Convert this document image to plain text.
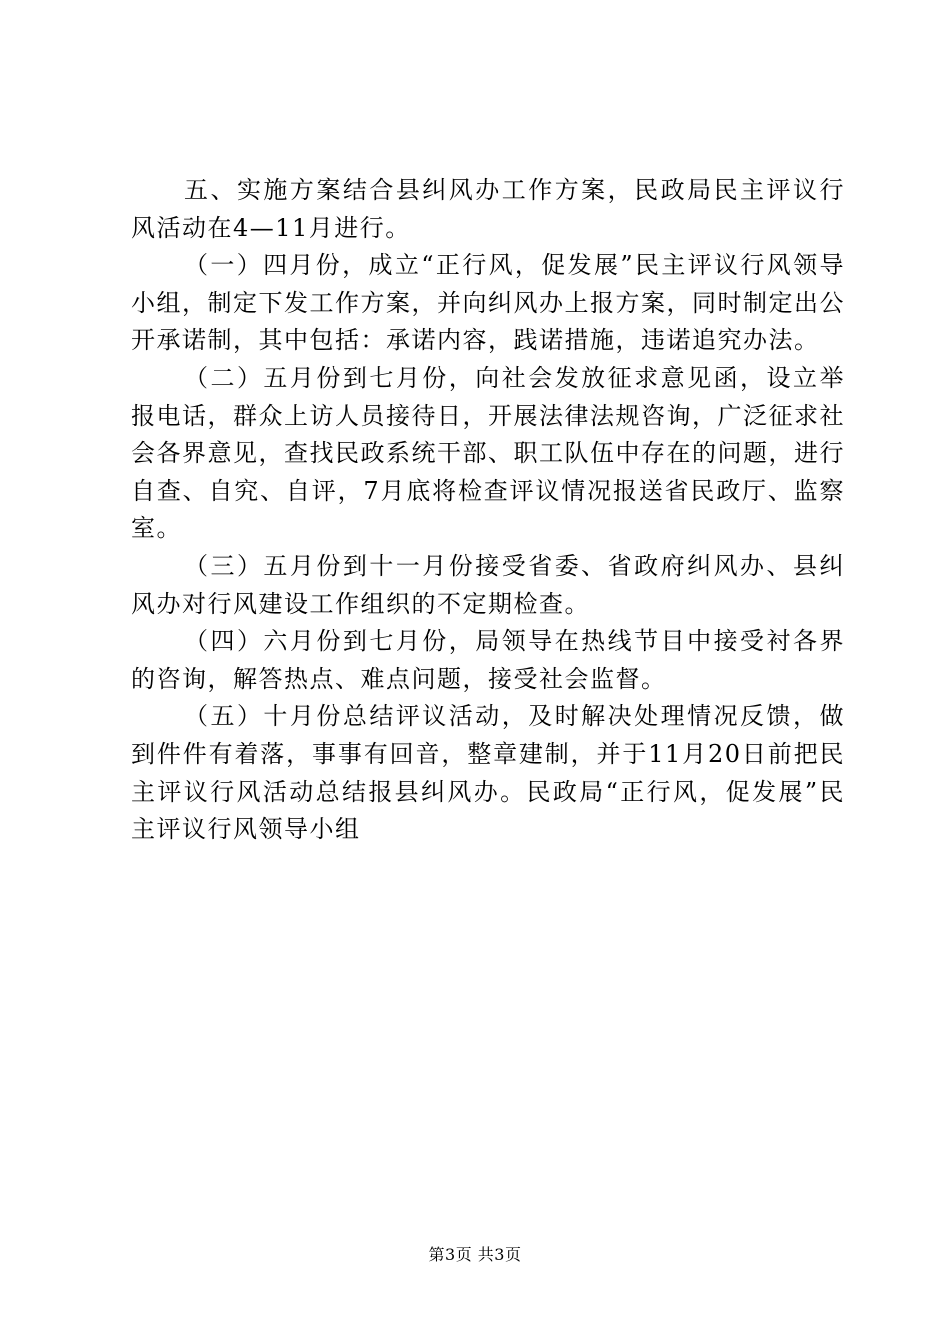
五、实施方案结合县纠风办工作方案，民政局民主评议行风活动在4—11月进行。

（一）四月份，成立“正行风，促发展”民主评议行风领导小组，制定下发工作方案，并向纠风办上报方案，同时制定出公开承诺制，其中包括：承诺内容，践诺措施，违诺追究办法。

（二）五月份到七月份，向社会发放征求意见函，设立举报电话，群众上访人员接待日，开展法律法规咨询，广泛征求社会各界意见，查找民政系统干部、职工队伍中存在的问题，进行自查、自究、自评，7月底将检查评议情况报送省民政厅、监察室。

（三）五月份到十一月份接受省委、省政府纠风办、县纠风办对行风建设工作组织的不定期检查。

（四）六月份到七月份，局领导在热线节目中接受衬各界的咨询，解答热点、难点问题，接受社会监督。

（五）十月份总结评议活动，及时解决处理情况反馈，做到件件有着落，事事有回音，整章建制，并于11月20日前把民主评议行风活动总结报县纠风办。民政局“正行风，促发展”民主评议行风领导小组

第3页 共3页
